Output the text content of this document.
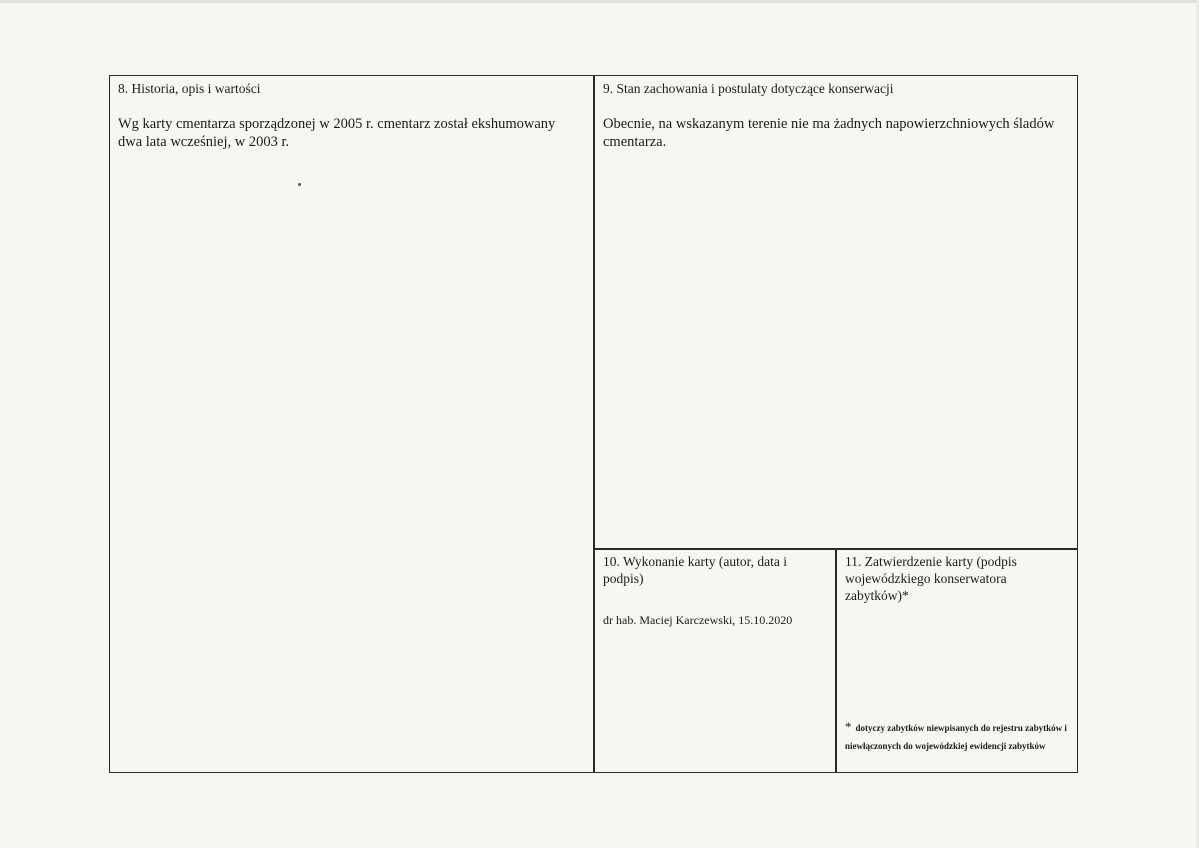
8. Historia, opis i wartości
Wg karty cmentarza sporządzonej w 2005 r. cmentarz został ekshumowany dwa lata wcześniej, w 2003 r.
9. Stan zachowania i postulaty dotyczące konserwacji
Obecnie, na wskazanym terenie nie ma żadnych napowierzchniowych śladów cmentarza.
10. Wykonanie karty (autor, data i podpis)
dr hab. Maciej Karczewski, 15.10.2020
11. Zatwierdzenie karty (podpis wojewódzkiego konserwatora zabytków)*
* dotyczy zabytków niewpisanych do rejestru zabytków i niewłączonych do wojewódzkiej ewidencji zabytków
